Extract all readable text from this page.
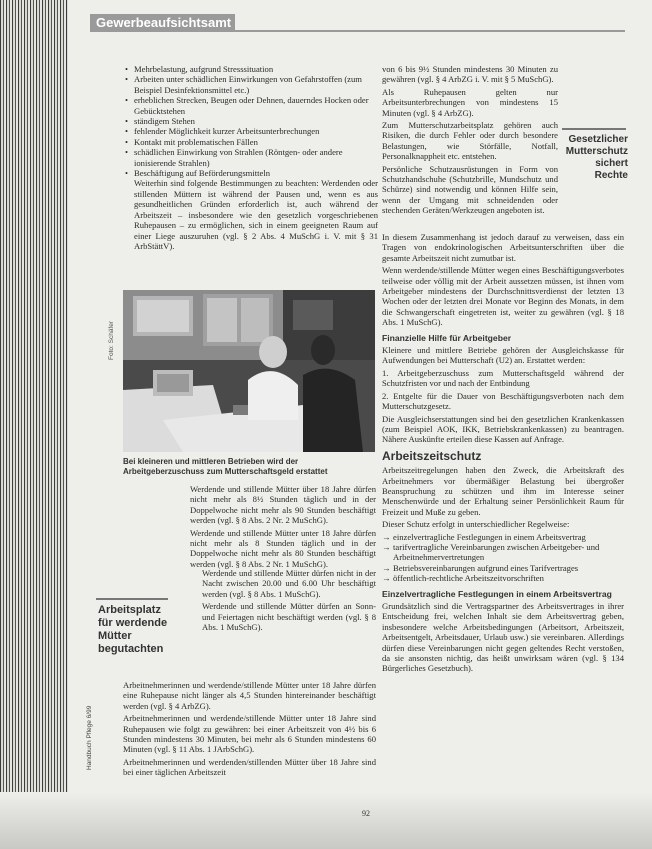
Gewerbeaufsichtsamt
• Mehrbelastung, aufgrund Stresssituation
• Arbeiten unter schädlichen Einwirkungen von Gefahrstoffen (zum Beispiel Desinfektionsmittel etc.)
• erheblichen Strecken, Beugen oder Dehnen, dauerndes Hocken oder Gebücktstehen
• ständigem Stehen
• fehlender Möglichkeit kurzer Arbeitsunterbrechungen
• Kontakt mit problematischen Fällen
• schädlichen Einwirkung von Strahlen (Röntgen- oder andere ionisierende Strahlen)
• Beschäftigung auf Beförderungsmitteln

Weiterhin sind folgende Bestimmungen zu beachten: Werdenden oder stillenden Müttern ist während der Pausen und, wenn es aus gesundheitlichen Gründen erforderlich ist, auch während der Arbeitszeit – insbesondere wie den gesetzlich vorgeschriebenen Ruhepausen – zu ermöglichen, sich in einem geeigneten Raum auf einer Liege auszuruhen (vgl. § 2 Abs. 4 MuSchG i. V. mit § 31 ArbStättV).

Foto: Schäfer
Bei kleineren und mittleren Betrieben wird der Arbeitgeberzuschuss zum Mutterschaftsgeld erstattet

Werdende und stillende Mütter über 18 Jahre dürfen nicht mehr als 8½ Stunden täglich und in der Doppelwoche nicht mehr als 90 Stunden beschäftigt werden (vgl. § 8 Abs. 2 Nr. 2 MuSchG).

Werdende und stillende Mütter unter 18 Jahre dürfen nicht mehr als 8 Stunden täglich und in der Doppelwoche nicht mehr als 80 Stunden beschäftigt werden (vgl. § 8 Abs. 2 Nr. 1 MuSchG).

Werdende und stillende Mütter dürfen nicht in der Nacht zwischen 20.00 und 6.00 Uhr beschäftigt werden (vgl. § 8 Abs. 1 MuSchG).

Werdende und stillende Mütter dürfen an Sonn- und Feiertagen nicht beschäftigt werden (vgl. § 8 Abs. 1 MuSchG).

Arbeitnehmerinnen und werdende/stillende Mütter unter 18 Jahre dürfen eine Ruhepause nicht länger als 4,5 Stunden hintereinander beschäftigt werden (vgl. § 4 ArbZG).

Arbeitnehmerinnen und werdende/stillende Mütter unter 18 Jahre sind Ruhepausen wie folgt zu gewähren: bei einer Arbeitszeit von 4½ bis 6 Stunden mindestens 30 Minuten, bei mehr als 6 Stunden mindestens 60 Minuten (vgl. § 11 Abs. 1 JArbSchG).

Arbeitnehmerinnen und werdenden/stillenden Mütter über 18 Jahre sind bei einer täglichen Arbeitszeit

Arbeitsplatz für werdende Mütter begutachten
Handbuch Pflege 6/99

von 6 bis 9½ Stunden mindestens 30 Minuten zu gewähren (vgl. § 4 ArbZG i. V. mit § 5 MuSchG).

Als Ruhepausen gelten nur Arbeitsunterbrechungen von mindestens 15 Minuten (vgl. § 4 ArbZG).

Zum Mutterschutzarbeitsplatz gehören auch Risiken, die durch Fehler oder durch besondere Belastungen, wie Störfälle, Notfall, Personalknappheit etc. entstehen.

Persönliche Schutzausrüstungen in Form von Schutzhandschuhe (Schutzbrille, Mundschutz und Schürze) sind notwendig und können Hilfe sein, wenn der Umgang mit schneidenden oder stechenden Geräten/Werkzeugen angeboten ist.

In diesem Zusammenhang ist jedoch darauf zu verweisen, dass ein Tragen von endokrinologischen Arbeitsunterschriften über die gesamte Arbeitszeit nicht zumutbar ist.

Wenn werdende/stillende Mütter wegen eines Beschäftigungsverbotes teilweise oder völlig mit der Arbeit aussetzen müssen, ist ihnen vom Arbeitgeber mindestens der Durchschnittsverdienst der letzten 13 Wochen oder der letzten drei Monate vor Beginn des Monats, in dem die Schwangerschaft eingetreten ist, weiter zu gewähren (vgl. § 18 Abs. 1 MuSchG).

Finanzielle Hilfe für Arbeitgeber

Kleinere und mittlere Betriebe gehören der Ausgleichskasse für Aufwendungen bei Mutterschaft (U2) an. Erstattet werden:

1. Arbeitgeberzuschuss zum Mutterschaftsgeld während der Schutzfristen vor und nach der Entbindung

2. Entgelte für die Dauer von Beschäftigungsverboten nach dem Mutterschutzgesetz.

Die Ausgleichserstattungen sind bei den gesetzlichen Krankenkassen (zum Beispiel AOK, IKK, Betriebskrankenkassen) zu beantragen. Nähere Auskünfte erteilen diese Kassen auf Anfrage.

Arbeitszeitschutz

Arbeitszeitregelungen haben den Zweck, die Arbeitskraft des Arbeitnehmers vor übermäßiger Belastung bei übergroßer Beanspruchung zu schützen und ihm im Interesse seiner Menschenwürde und der Erhaltung seiner Persönlichkeit Raum für Freizeit und Muße zu geben.

Dieser Schutz erfolgt in unterschiedlicher Regelweise:

→ einzelvertragliche Festlegungen in einem Arbeitsvertrag
→ tarifvertragliche Vereinbarungen zwischen Arbeitgeber- und Arbeitnehmervertretungen
→ Betriebsvereinbarungen aufgrund eines Tarifvertrages
→ öffentlich-rechtliche Arbeitszeitvorschriften
Einzelvertragliche Festlegungen in einem Arbeitsvertrag

Grundsätzlich sind die Vertragspartner des Arbeitsvertrages in ihrer Entscheidung frei, welchen Inhalt sie dem Arbeitsvertrag geben, insbesondere welche Arbeitsbedingungen (Arbeitsort, Arbeitszeit, Arbeitsentgelt, Arbeitsdauer, Urlaub usw.) sie vereinbaren. Allerdings dürfen diese Vereinbarungen nicht gegen geltendes Recht verstoßen, da sie ansonsten nichtig, das heißt unwirksam wären (vgl. § 134 Bürgerliches Gesetzbuch).

Gesetzlicher Mutterschutz sichert Rechte
92
